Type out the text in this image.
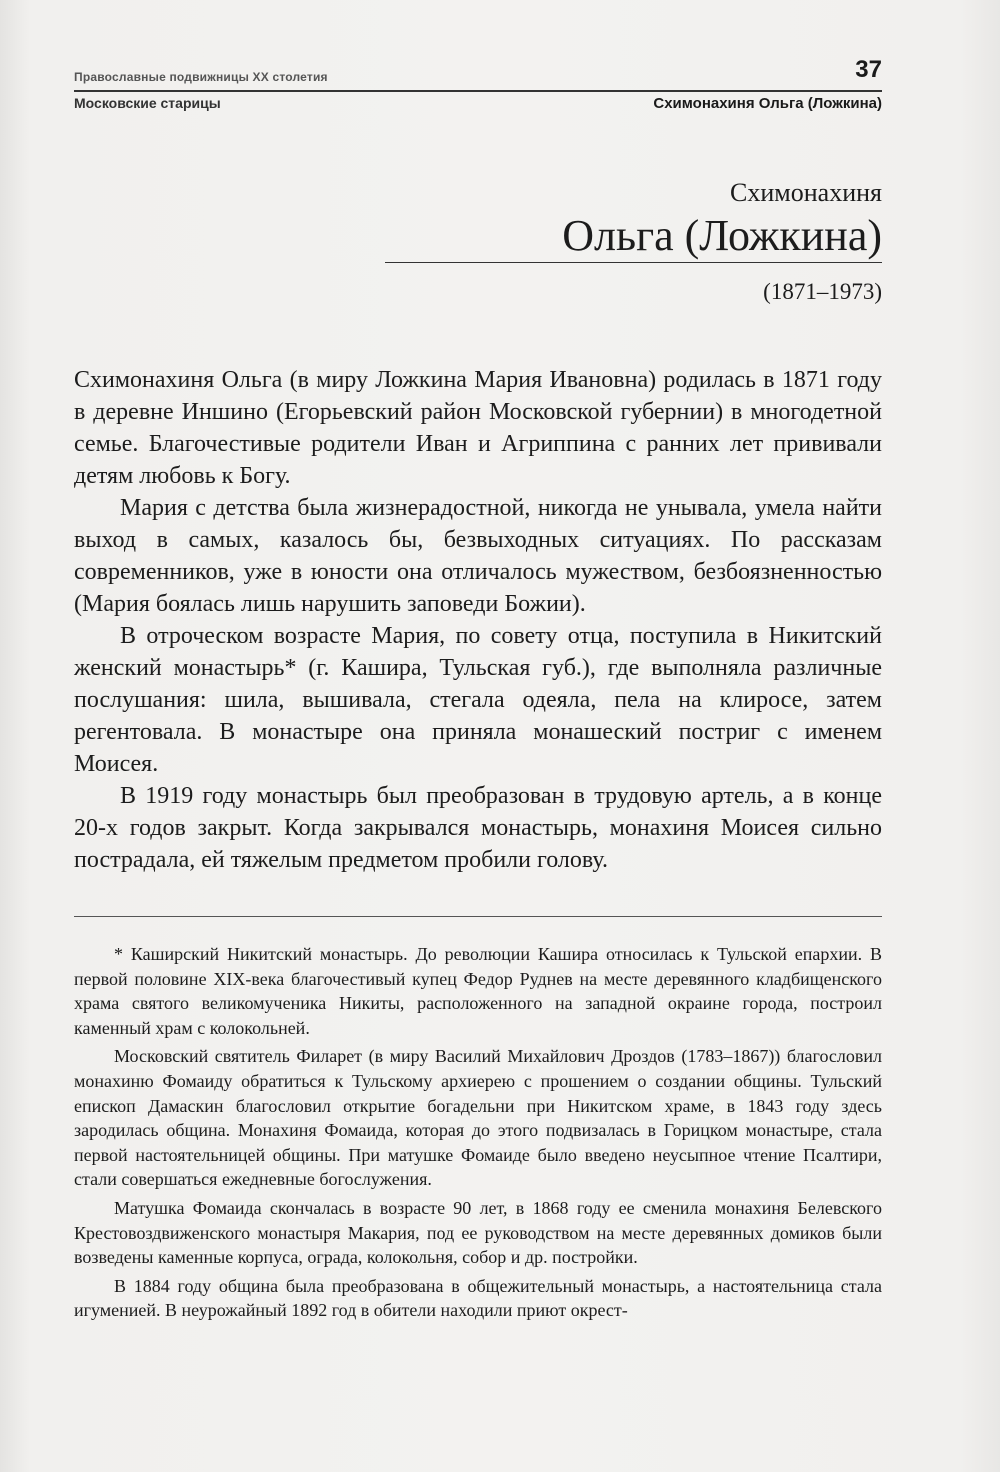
Православные подвижницы ХХ столетия	37
Московские старицы	Схимонахиня Ольга (Ложкина)
Схимонахиня
Ольга (Ложкина)
(1871–1973)

Схимонахиня Ольга (в миру Ложкина Мария Ивановна) родилась в 1871 году в деревне Иншино (Егорьевский район Московской губернии) в многодетной семье. Благочестивые родители Иван и Агриппина с ранних лет прививали детям любовь к Богу.

Мария с детства была жизнерадостной, никогда не унывала, умела найти выход в самых, казалось бы, безвыходных ситуациях. По рассказам современников, уже в юности она отличалось мужеством, безбоязненностью (Мария боялась лишь нарушить заповеди Божии).

В отроческом возрасте Мария, по совету отца, поступила в Никитский женский монастырь* (г. Кашира, Тульская губ.), где выполняла различные послушания: шила, вышивала, стегала одеяла, пела на клиросе, затем регентовала. В монастыре она приняла монашеский постриг с именем Моисея.

В 1919 году монастырь был преобразован в трудовую артель, а в конце 20-х годов закрыт. Когда закрывался монастырь, монахиня Моисея сильно пострадала, ей тяжелым предметом пробили голову.

* Каширский Никитский монастырь. До революции Кашира относилась к Тульской епархии. В первой половине XIX-века благочестивый купец Федор Руднев на месте деревянного кладбищенского храма святого великомученика Никиты, расположенного на западной окраине города, построил каменный храм с колокольней.

Московский святитель Филарет (в миру Василий Михайлович Дроздов (1783–1867)) благословил монахиню Фомаиду обратиться к Тульскому архиерею с прошением о создании общины. Тульский епископ Дамаскин благословил открытие богадельни при Никитском храме, в 1843 году здесь зародилась община. Монахиня Фомаида, которая до этого подвизалась в Горицком монастыре, стала первой настоятельницей общины. При матушке Фомаиде было введено неусыпное чтение Псалтири, стали совершаться ежедневные богослужения.

Матушка Фомаида скончалась в возрасте 90 лет, в 1868 году ее сменила монахиня Белевского Крестовоздвиженского монастыря Макария, под ее руководством на месте деревянных домиков были возведены каменные корпуса, ограда, колокольня, собор и др. постройки.

В 1884 году община была преобразована в общежительный монастырь, а настоятельница стала игуменией. В неурожайный 1892 год в обители находили приют окрест-
